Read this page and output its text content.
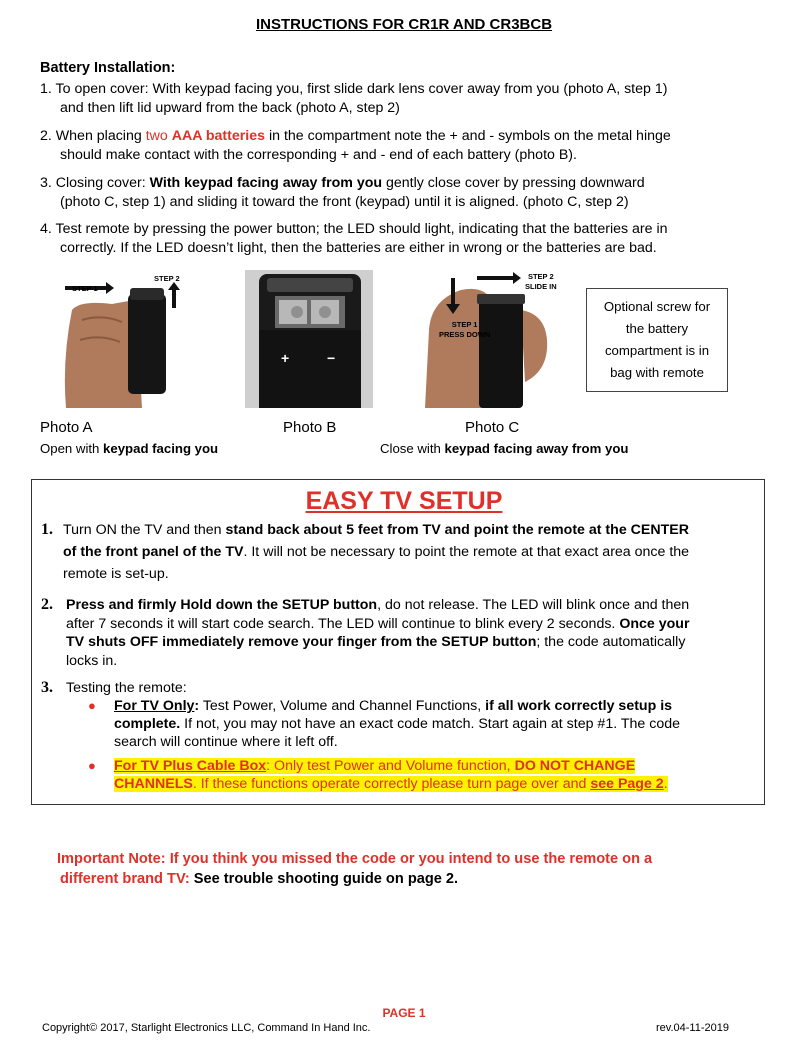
INSTRUCTIONS FOR CR1R AND CR3BCB
Battery Installation:
1. To open cover: With keypad facing you, first slide dark lens cover away from you (photo A, step 1)
and then lift lid upward from the back (photo A, step 2)
2. When placing two AAA batteries in the compartment note the + and - symbols on the metal hinge
should make contact with the corresponding + and - end of each battery (photo B).
3. Closing cover: With keypad facing away from you gently close cover by pressing downward
(photo C, step 1) and sliding it toward the front (keypad) until it is aligned. (photo C, step 2)
4. Test remote by pressing the power button; the LED should light, indicating that the batteries are in
correctly. If the LED doesn’t light, then the batteries are either in wrong or the batteries are bad.
STEP 1
STEP 2
+	−
STEP 1
PRESS DOWN
STEP 2
SLIDE IN
Optional screw for
the battery
compartment is in
bag with remote
Photo A	Photo B	Photo C
Open with keypad facing you	Close with keypad facing away from you
EASY TV SETUP
1. Turn ON the TV and then stand back about 5 feet from TV and point the remote at the CENTER
of the front panel of the TV. It will not be necessary to point the remote at that exact area once the
remote is set-up.
2. Press and firmly Hold down the SETUP button, do not release. The LED will blink once and then
after 7 seconds it will start code search. The LED will continue to blink every 2 seconds. Once your
TV shuts OFF immediately remove your finger from the SETUP button; the code automatically
locks in.
3. Testing the remote:
● For TV Only: Test Power, Volume and Channel Functions, if all work correctly setup is
complete. If not, you may not have an exact code match. Start again at step #1. The code
search will continue where it left off.
● For TV Plus Cable Box: Only test Power and Volume function, DO NOT CHANGE
CHANNELS. If these functions operate correctly please turn page over and see Page 2.
Important Note: If you think you missed the code or you intend to use the remote on a
different brand TV: See trouble shooting guide on page 2.
PAGE 1
Copyright© 2017, Starlight Electronics LLC, Command In Hand Inc.	rev.04-11-2019
